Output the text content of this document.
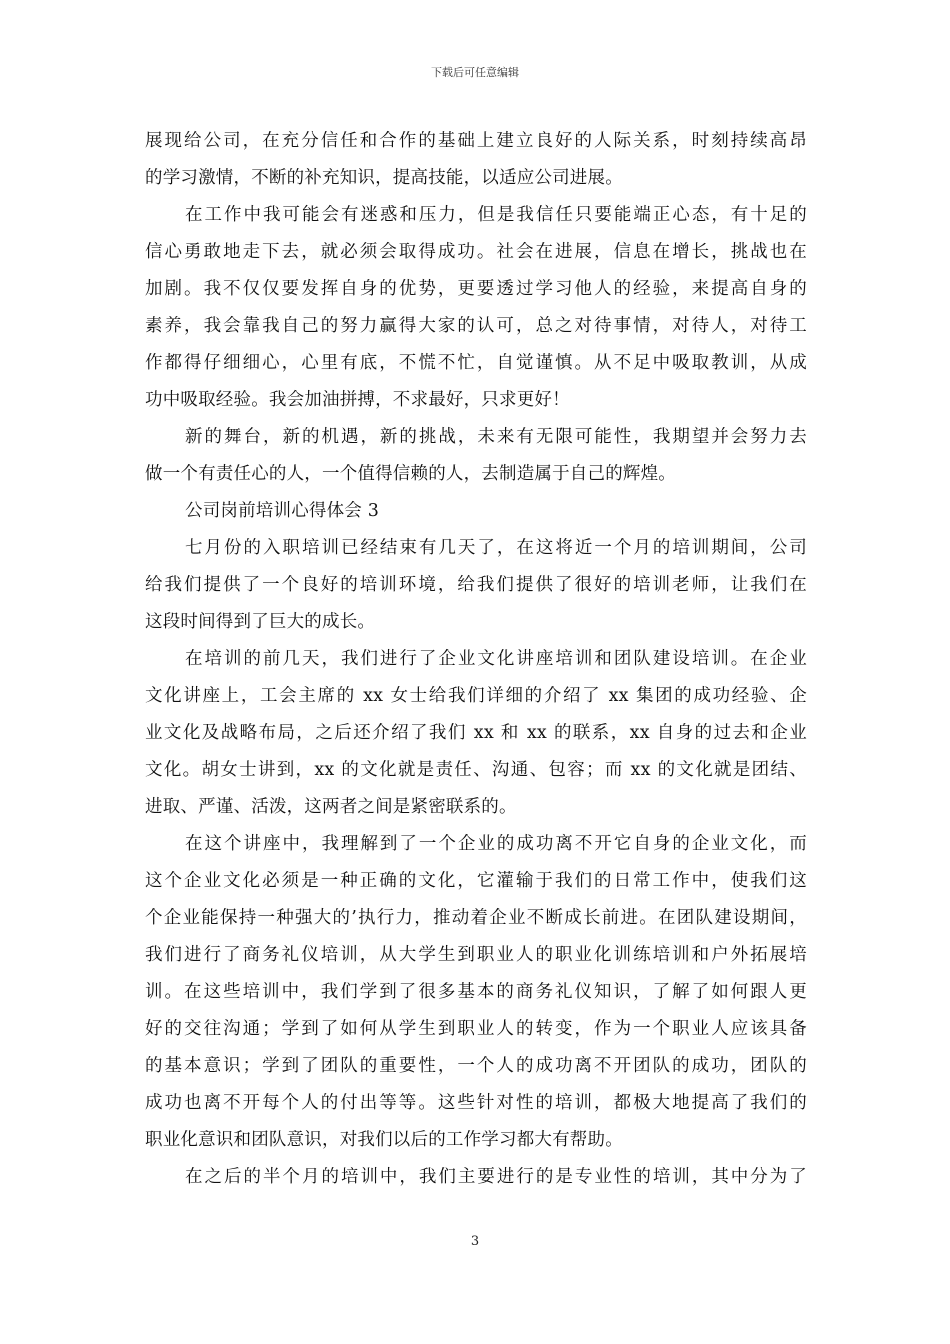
下载后可任意编辑
展现给公司，在充分信任和合作的基础上建立良好的人际关系，时刻持续高昂
的学习激情，不断的补充知识，提高技能，以适应公司进展。
在工作中我可能会有迷惑和压力，但是我信任只要能端正心态，有十足的
信心勇敢地走下去，就必须会取得成功。社会在进展，信息在增长，挑战也在
加剧。我不仅仅要发挥自身的优势，更要透过学习他人的经验，来提高自身的
素养，我会靠我自己的努力赢得大家的认可，总之对待事情，对待人，对待工
作都得仔细细心，心里有底，不慌不忙，自觉谨慎。从不足中吸取教训，从成
功中吸取经验。我会加油拼搏，不求最好，只求更好！
新的舞台，新的机遇，新的挑战，未来有无限可能性，我期望并会努力去
做一个有责任心的人，一个值得信赖的人，去制造属于自己的辉煌。
公司岗前培训心得体会 3
七月份的入职培训已经结束有几天了，在这将近一个月的培训期间，公司
给我们提供了一个良好的培训环境，给我们提供了很好的培训老师，让我们在
这段时间得到了巨大的成长。
在培训的前几天，我们进行了企业文化讲座培训和团队建设培训。在企业
文化讲座上，工会主席的 xx 女士给我们详细的介绍了 xx 集团的成功经验、企
业文化及战略布局，之后还介绍了我们 xx 和 xx 的联系，xx 自身的过去和企业
文化。胡女士讲到，xx 的文化就是责任、沟通、包容；而 xx 的文化就是团结、
进取、严谨、活泼，这两者之间是紧密联系的。
在这个讲座中，我理解到了一个企业的成功离不开它自身的企业文化，而
这个企业文化必须是一种正确的文化，它灌输于我们的日常工作中，使我们这
个企业能保持一种强大的’执行力，推动着企业不断成长前进。在团队建设期间，
我们进行了商务礼仪培训，从大学生到职业人的职业化训练培训和户外拓展培
训。在这些培训中，我们学到了很多基本的商务礼仪知识，了解了如何跟人更
好的交往沟通；学到了如何从学生到职业人的转变，作为一个职业人应该具备
的基本意识；学到了团队的重要性，一个人的成功离不开团队的成功，团队的
成功也离不开每个人的付出等等。这些针对性的培训，都极大地提高了我们的
职业化意识和团队意识，对我们以后的工作学习都大有帮助。
在之后的半个月的培训中，我们主要进行的是专业性的培训，其中分为了
3
